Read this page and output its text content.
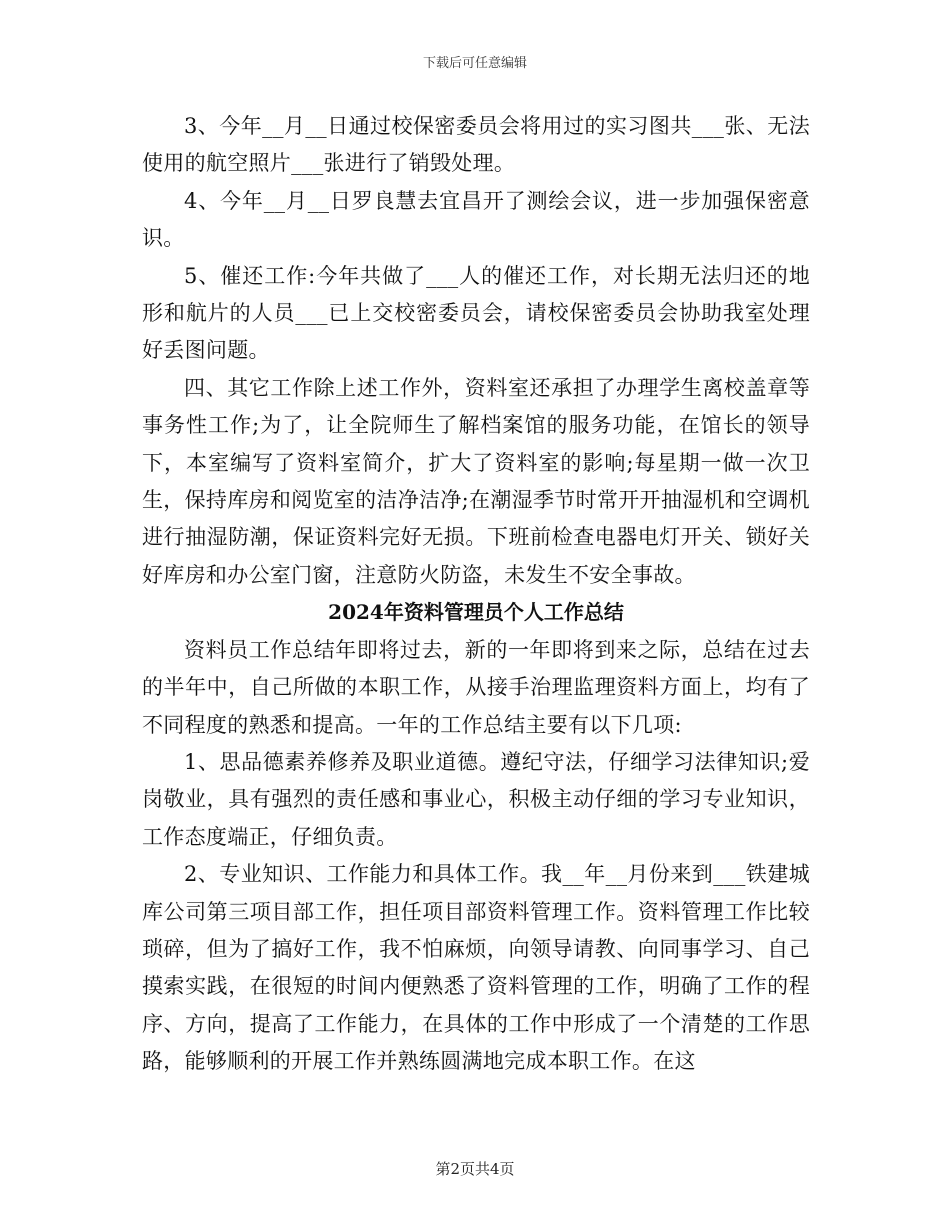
下载后可任意编辑

3、今年__月__日通过校保密委员会将用过的实习图共___张、无法使用的航空照片___张进行了销毁处理。

4、今年__月__日罗良慧去宜昌开了测绘会议，进一步加强保密意识。

5、催还工作:今年共做了___人的催还工作，对长期无法归还的地形和航片的人员___已上交校密委员会，请校保密委员会协助我室处理好丢图问题。

四、其它工作除上述工作外，资料室还承担了办理学生离校盖章等事务性工作;为了，让全院师生了解档案馆的服务功能，在馆长的领导下，本室编写了资料室简介，扩大了资料室的影响;每星期一做一次卫生，保持库房和阅览室的洁净洁净;在潮湿季节时常开开抽湿机和空调机进行抽湿防潮，保证资料完好无损。下班前检查电器电灯开关、锁好关好库房和办公室门窗，注意防火防盗，未发生不安全事故。

2024年资料管理员个人工作总结

资料员工作总结年即将过去，新的一年即将到来之际，总结在过去的半年中，自己所做的本职工作，从接手治理监理资料方面上，均有了不同程度的熟悉和提高。一年的工作总结主要有以下几项:

1、思品德素养修养及职业道德。遵纪守法，仔细学习法律知识;爱岗敬业，具有强烈的责任感和事业心，积极主动仔细的学习专业知识，工作态度端正，仔细负责。

2、专业知识、工作能力和具体工作。我__年__月份来到___铁建城库公司第三项目部工作，担任项目部资料管理工作。资料管理工作比较琐碎，但为了搞好工作，我不怕麻烦，向领导请教、向同事学习、自己摸索实践，在很短的时间内便熟悉了资料管理的工作，明确了工作的程序、方向，提高了工作能力，在具体的工作中形成了一个清楚的工作思路，能够顺利的开展工作并熟练圆满地完成本职工作。在这

第2页共4页
